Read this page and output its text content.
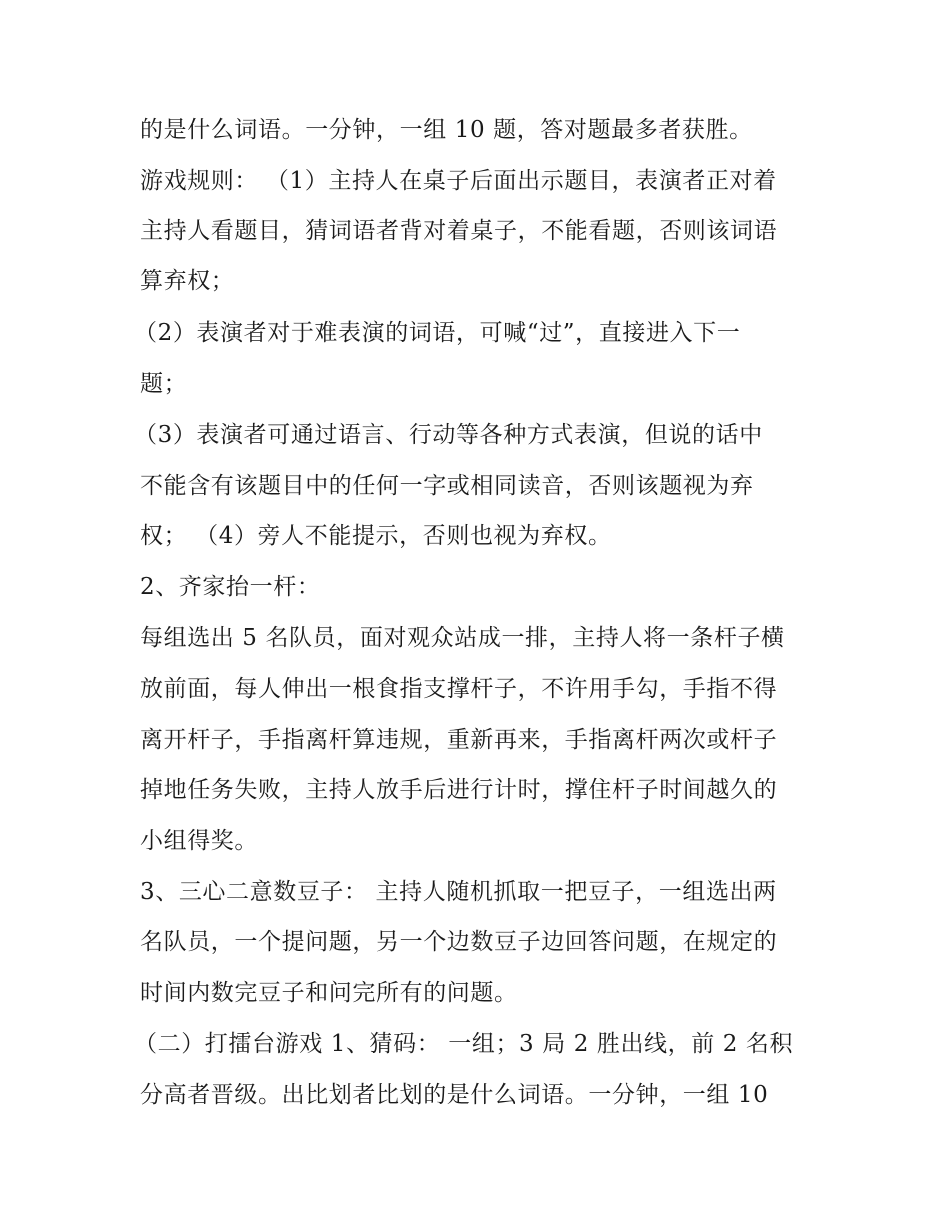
的是什么词语。一分钟，一组 10 题，答对题最多者获胜。
游戏规则： （1）主持人在桌子后面出示题目，表演者正对着
主持人看题目，猜词语者背对着桌子，不能看题，否则该词语
算弃权；
（2）表演者对于难表演的词语，可喊“过”，直接进入下一
题；
（3）表演者可通过语言、行动等各种方式表演，但说的话中
不能含有该题目中的任何一字或相同读音，否则该题视为弃
权； （4）旁人不能提示，否则也视为弃权。
2、齐家抬一杆：
每组选出 5 名队员，面对观众站成一排，主持人将一条杆子横
放前面，每人伸出一根食指支撑杆子，不许用手勾，手指不得
离开杆子，手指离杆算违规，重新再来，手指离杆两次或杆子
掉地任务失败，主持人放手后进行计时，撑住杆子时间越久的
小组得奖。
3、三心二意数豆子： 主持人随机抓取一把豆子，一组选出两
名队员，一个提问题，另一个边数豆子边回答问题，在规定的
时间内数完豆子和问完所有的问题。
（二）打擂台游戏 1、猜码： 一组；3 局 2 胜出线，前 2 名积
分高者晋级。出比划者比划的是什么词语。一分钟，一组 10
